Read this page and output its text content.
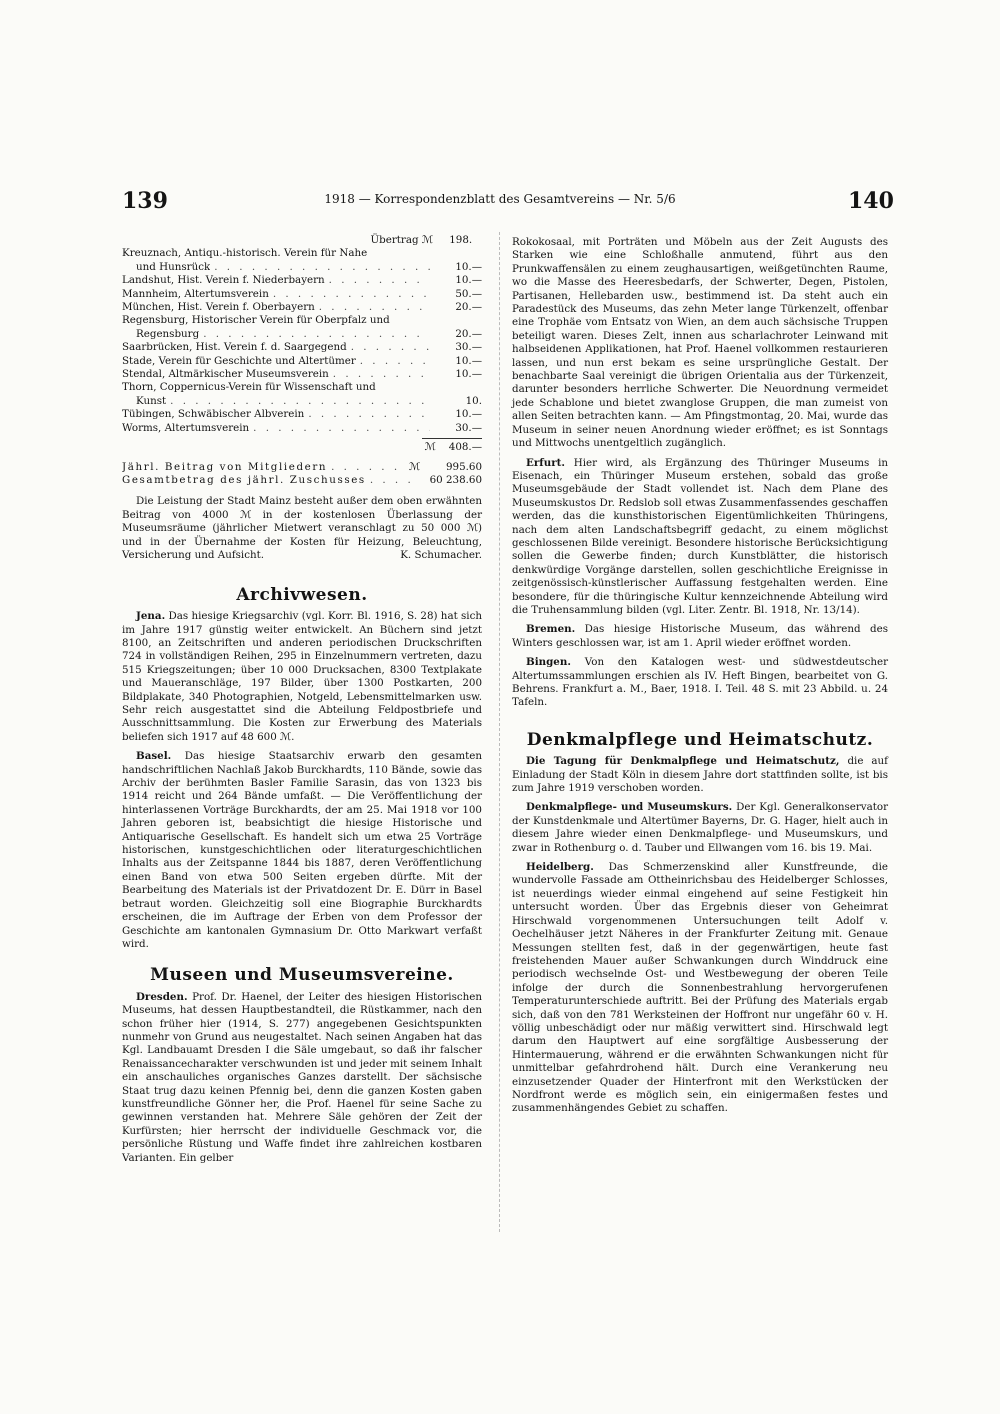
139	1918 — Korrespondenzblatt des Gesamtvereins — Nr. 5/6	140
Übertrag ℳ 198.
Kreuznach, Antiqu.-historisch. Verein für Nahe
und Hunsrück . . .	10.—
Landshut, Hist. Verein f. Niederbayern . . .	10.—
Mannheim, Altertumsverein . . .	50.—
München, Hist. Verein f. Oberbayern . . .	20.—
Regensburg, Historischer Verein für Oberpfalz und
Regensburg . . .	20.—
Saarbrücken, Hist. Verein f. d. Saargegend . . .	30.—
Stade, Verein für Geschichte und Altertümer . . .	10.—
Stendal, Altmärkischer Museumsverein . . .	10.—
Thorn, Coppernicus-Verein für Wissenschaft und
Kunst . . .	10.
Tübingen, Schwäbischer Albverein . . .	10.—
Worms, Altertumsverein . . .	30.—
ℳ 408.—
Jährl. Beitrag von Mitgliedern . . .	ℳ	995.60
Gesamtbetrag des jährl. Zuschusses . . .	60 238.60

Die Leistung der Stadt Mainz besteht außer dem oben erwähnten Beitrag von 4000 ℳ in der kostenlosen Überlassung der Museumsräume (jährlicher Mietwert veranschlagt zu 50 000 ℳ) und in der Übernahme der Kosten für Heizung, Beleuchtung, Versicherung und Aufsicht.	K. Schumacher.
Archivwesen.

Jena. Das hiesige Kriegsarchiv (vgl. Korr. Bl. 1916, S. 28) hat sich im Jahre 1917 günstig weiter entwickelt. An Büchern sind jetzt 8100, an Zeitschriften und anderen periodischen Druckschriften 724 in vollständigen Reihen, 295 in Einzelnummern vertreten, dazu 515 Kriegszeitungen; über 10 000 Drucksachen, 8300 Textplakate und Maueranschläge, 197 Bilder, über 1300 Postkarten, 200 Bildplakate, 340 Photographien, Notgeld, Lebensmittelmarken usw. Sehr reich ausgestattet sind die Abteilung Feldpostbriefe und Ausschnittsammlung. Die Kosten zur Erwerbung des Materials beliefen sich 1917 auf 48 600 ℳ.

Basel. Das hiesige Staatsarchiv erwarb den gesamten handschriftlichen Nachlaß Jakob Burckhardts, 110 Bände, sowie das Archiv der berühmten Basler Familie Sarasin, das von 1323 bis 1914 reicht und 264 Bände umfaßt. — Die Veröffentlichung der hinterlassenen Vorträge Burckhardts, der am 25. Mai 1918 vor 100 Jahren geboren ist, beabsichtigt die hiesige Historische und Antiquarische Gesellschaft. Es handelt sich um etwa 25 Vorträge historischen, kunstgeschichtlichen oder literaturgeschichtlichen Inhalts aus der Zeitspanne 1844 bis 1887, deren Veröffentlichung einen Band von etwa 500 Seiten ergeben dürfte. Mit der Bearbeitung des Materials ist der Privatdozent Dr. E. Dürr in Basel betraut worden. Gleichzeitig soll eine Biographie Burckhardts erscheinen, die im Auftrage der Erben von dem Professor der Geschichte am kantonalen Gymnasium Dr. Otto Markwart verfaßt wird.

Museen und Museumsvereine.

Dresden. Prof. Dr. Haenel, der Leiter des hiesigen Historischen Museums, hat dessen Hauptbestandteil, die Rüstkammer, nach den schon früher hier (1914, S. 277) angegebenen Gesichtspunkten nunmehr von Grund aus neugestaltet. Nach seinen Angaben hat das Kgl. Landbauamt Dresden I die Säle umgebaut, so daß ihr falscher Renaissancecharakter verschwunden ist und jeder mit seinem Inhalt ein anschauliches organisches Ganzes darstellt. Der sächsische Staat trug dazu keinen Pfennig bei, denn die ganzen Kosten gaben kunstfreundliche Gönner her, die Prof. Haenel für seine Sache zu gewinnen verstanden hat. Mehrere Säle gehören der Zeit der Kurfürsten; hier herrscht der individuelle Geschmack vor, die persönliche Rüstung und Waffe findet ihre zahlreichen kostbaren Varianten. Ein gelber

Rokokosaal, mit Porträten und Möbeln aus der Zeit Augusts des Starken wie eine Schloßhalle anmutend, führt aus den Prunkwaffensälen zu einem zeughausartigen, weißgetünchten Raume, wo die Masse des Heeresbedarfs, der Schwerter, Degen, Pistolen, Partisanen, Hellebarden usw., bestimmend ist. Da steht auch ein Paradestück des Museums, das zehn Meter lange Türkenzelt, offenbar eine Trophäe vom Entsatz von Wien, an dem auch sächsische Truppen beteiligt waren. Dieses Zelt, innen aus scharlachroter Leinwand mit halbseidenen Applikationen, hat Prof. Haenel vollkommen restaurieren lassen, und nun erst bekam es seine ursprüngliche Gestalt. Der benachbarte Saal vereinigt die übrigen Orientalia aus der Türkenzeit, darunter besonders herrliche Schwerter. Die Neuordnung vermeidet jede Schablone und bietet zwanglose Gruppen, die man zumeist von allen Seiten betrachten kann. — Am Pfingstmontag, 20. Mai, wurde das Museum in seiner neuen Anordnung wieder eröffnet; es ist Sonntags und Mittwochs unentgeltlich zugänglich.

Erfurt. Hier wird, als Ergänzung des Thüringer Museums in Eisenach, ein Thüringer Museum erstehen, sobald das große Museumsgebäude der Stadt vollendet ist. Nach dem Plane des Museumskustos Dr. Redslob soll etwas Zusammenfassendes geschaffen werden, das die kunsthistorischen Eigentümlichkeiten Thüringens, nach dem alten Landschaftsbegriff gedacht, zu einem möglichst geschlossenen Bilde vereinigt. Besondere historische Berücksichtigung sollen die Gewerbe finden; durch Kunstblätter, die historisch denkwürdige Vorgänge darstellen, sollen geschichtliche Ereignisse in zeitgenössisch-künstlerischer Auffassung festgehalten werden. Eine besondere, für die thüringische Kultur kennzeichnende Abteilung wird die Truhensammlung bilden (vgl. Liter. Zentr. Bl. 1918, Nr. 13/14).

Bremen. Das hiesige Historische Museum, das während des Winters geschlossen war, ist am 1. April wieder eröffnet worden.

Bingen. Von den Katalogen west- und südwestdeutscher Altertumssammlungen erschien als IV. Heft Bingen, bearbeitet von G. Behrens. Frankfurt a. M., Baer, 1918. I. Teil. 48 S. mit 23 Abbild. u. 24 Tafeln.

Denkmalpflege und Heimatschutz.

Die Tagung für Denkmalpflege und Heimatschutz, die auf Einladung der Stadt Köln in diesem Jahre dort stattfinden sollte, ist bis zum Jahre 1919 verschoben worden.

Denkmalpflege- und Museumskurs. Der Kgl. Generalkonservator der Kunstdenkmale und Altertümer Bayerns, Dr. G. Hager, hielt auch in diesem Jahre wieder einen Denkmalpflege- und Museumskurs, und zwar in Rothenburg o. d. Tauber und Ellwangen vom 16. bis 19. Mai.

Heidelberg. Das Schmerzenskind aller Kunstfreunde, die wundervolle Fassade am Ottheinrichsbau des Heidelberger Schlosses, ist neuerdings wieder einmal eingehend auf seine Festigkeit hin untersucht worden. Über das Ergebnis dieser von Geheimrat Hirschwald vorgenommenen Untersuchungen teilt Adolf v. Oechelhäuser jetzt Näheres in der Frankfurter Zeitung mit. Genaue Messungen stellten fest, daß in der gegenwärtigen, heute fast freistehenden Mauer außer Schwankungen durch Winddruck eine periodisch wechselnde Ost- und Westbewegung der oberen Teile infolge der durch die Sonnenbestrahlung hervorgerufenen Temperaturunterschiede auftritt. Bei der Prüfung des Materials ergab sich, daß von den 781 Werksteinen der Hoffront nur ungefähr 60 v. H. völlig unbeschädigt oder nur mäßig verwittert sind. Hirschwald legt darum den Hauptwert auf eine sorgfältige Ausbesserung der Hintermauerung, während er die erwähnten Schwankungen nicht für unmittelbar gefahrdrohend hält. Durch eine Verankerung neu einzusetzender Quader der Hinterfront mit den Werkstücken der Nordfront werde es möglich sein, ein einigermaßen festes und zusammenhängendes Gebiet zu schaffen.
